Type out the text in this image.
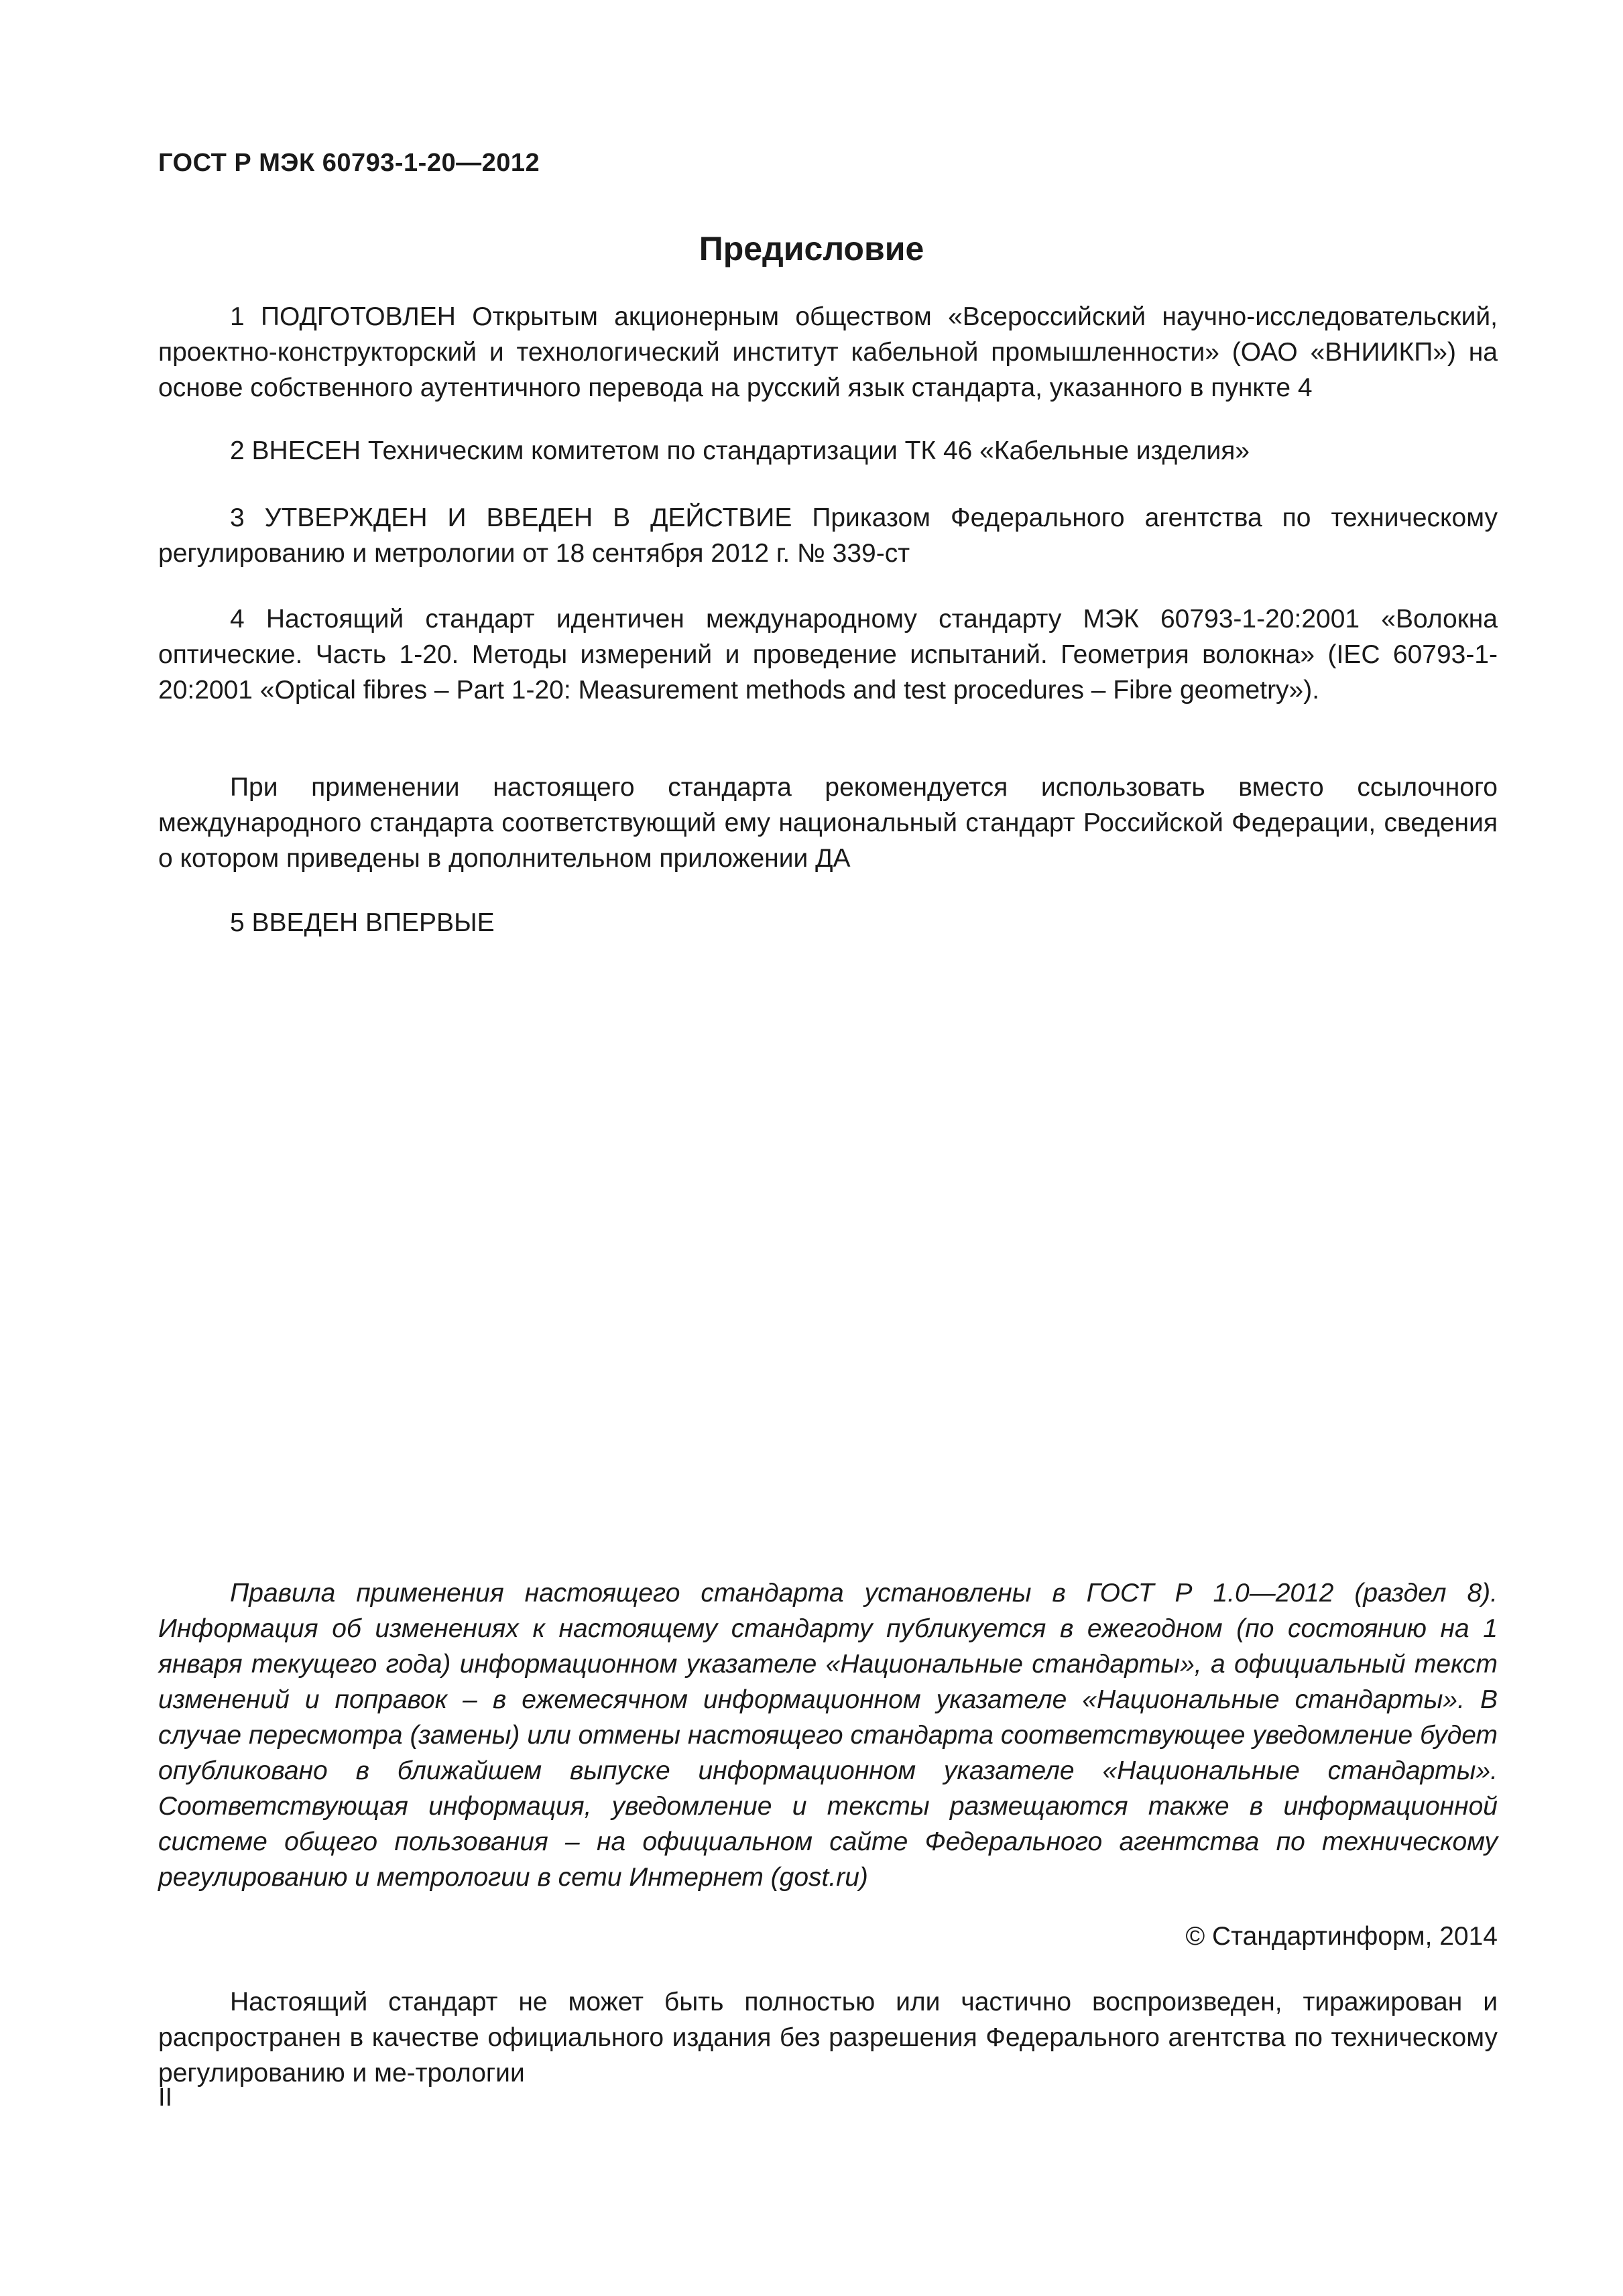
ГОСТ Р МЭК 60793-1-20—2012
Предисловие

1 ПОДГОТОВЛЕН Открытым акционерным обществом «Всероссийский научно-исследовательский, проектно-конструкторский и технологический институт кабельной промышленности» (ОАО «ВНИИКП») на основе собственного аутентичного перевода на русский язык стандарта, указанного в пункте 4

2 ВНЕСЕН Техническим комитетом по стандартизации ТК 46 «Кабельные изделия»

3 УТВЕРЖДЕН И ВВЕДЕН В ДЕЙСТВИЕ Приказом Федерального агентства по техническому регулированию и метрологии от 18 сентября 2012 г. № 339-ст

4 Настоящий стандарт идентичен международному стандарту МЭК 60793-1-20:2001 «Волокна оптические. Часть 1-20. Методы измерений и проведение испытаний. Геометрия волокна» (IEC 60793-1-20:2001 «Optical fibres – Part 1-20: Measurement methods and test procedures – Fibre geometry»).

При применении настоящего стандарта рекомендуется использовать вместо ссылочного международного стандарта соответствующий ему национальный стандарт Российской Федерации, сведения о котором приведены в дополнительном приложении ДА

5 ВВЕДЕН ВПЕРВЫЕ

Правила применения настоящего стандарта установлены в ГОСТ Р 1.0—2012 (раздел 8). Информация об изменениях к настоящему стандарту публикуется в ежегодном (по состоянию на 1 января текущего года) информационном указателе «Национальные стандарты», а официальный текст изменений и поправок – в ежемесячном информационном указателе «Национальные стандарты». В случае пересмотра (замены) или отмены настоящего стандарта соответствующее уведомление будет опубликовано в ближайшем выпуске информационном указателе «Национальные стандарты». Соответствующая информация, уведомление и тексты размещаются также в информационной системе общего пользования – на официальном сайте Федерального агентства по техническому регулированию и метрологии в сети Интернет (gost.ru)

© Стандартинформ, 2014

Настоящий стандарт не может быть полностью или частично воспроизведен, тиражирован и распространен в качестве официального издания без разрешения Федерального агентства по техническому регулированию и ме-трологии

II
